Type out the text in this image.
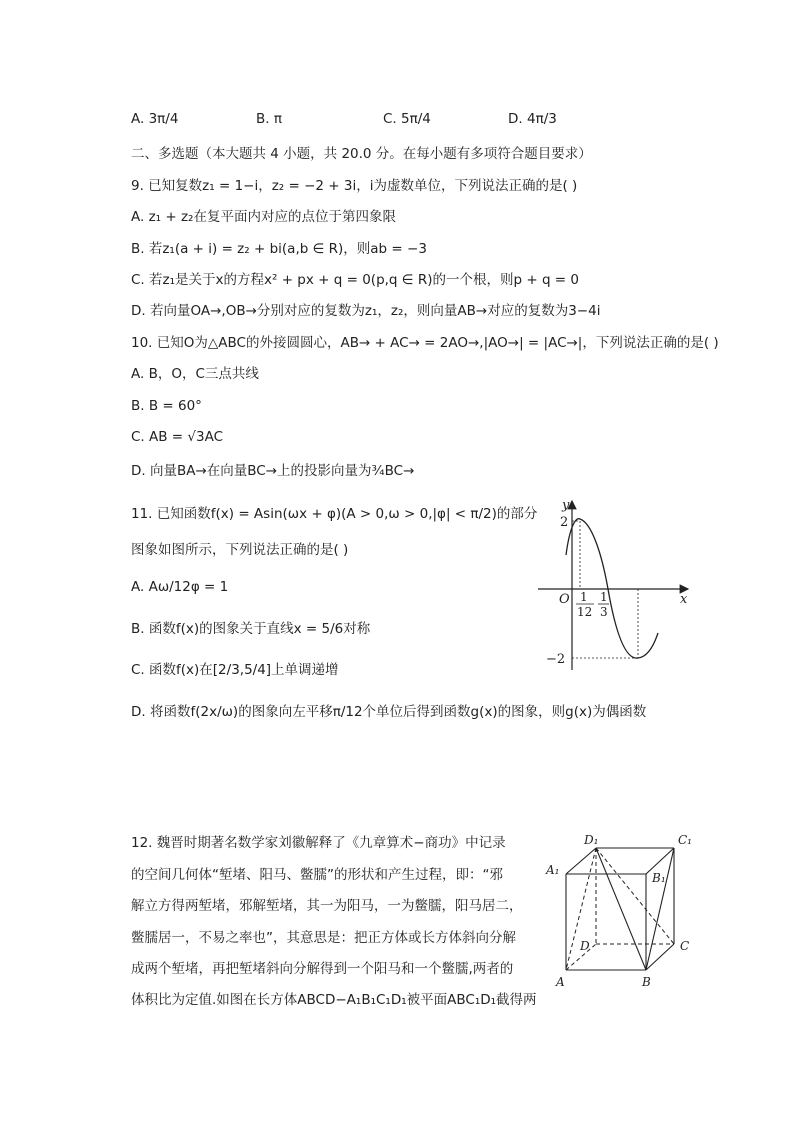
A. 3π/4	B. π	C. 5π/4	D. 4π/3
二、多选题（本大题共 4 小题，共 20.0 分。在每小题有多项符合题目要求）
9. 已知复数z₁ = 1−i，z₂ = −2 + 3i，i为虚数单位，下列说法正确的是( )
A. z₁ + z₂在复平面内对应的点位于第四象限
B. 若z₁(a + i) = z₂ + bi(a,b ∈ R)，则ab = −3
C. 若z₁是关于x的方程x² + px + q = 0(p,q ∈ R)的一个根，则p + q = 0
D. 若向量OA→,OB→分别对应的复数为z₁，z₂，则向量AB→对应的复数为3−4i
10. 已知O为△ABC的外接圆圆心，AB→ + AC→ = 2AO→,|AO→| = |AC→|，下列说法正确的是( )
A. B，O，C三点共线
B. B = 60°
C. AB = √3AC
D. 向量BA→在向量BC→上的投影向量为¾BC→
11. 已知函数f(x) = Asin(ωx + φ)(A > 0,ω > 0,|φ| < π/2)的部分
图象如图所示，下列说法正确的是( )
A. Aω/12φ = 1
B. 函数f(x)的图象关于直线x = 5/6对称
C. 函数f(x)在[2/3,5/4]上单调递增
D. 将函数f(2x/ω)的图象向左平移π/12个单位后得到函数g(x)的图象，则g(x)为偶函数
y
x
O
2
−2
1
12
1
3
12. 魏晋时期著名数学家刘徽解释了《九章算术−商功》中记录
的空间几何体“堑堵、阳马、鳖臑”的形状和产生过程，即：“邪
解立方得两堑堵，邪解堑堵，其一为阳马，一为鳖臑，阳马居二，
鳖臑居一，不易之率也”，其意思是：把正方体或长方体斜向分解
成两个堑堵，再把堑堵斜向分解得到一个阳马和一个鳖臑,两者的
体积比为定值.如图在长方体ABCD−A₁B₁C₁D₁被平面ABC₁D₁截得两
D₁	C₁
A₁
B₁
D	C
A	B
